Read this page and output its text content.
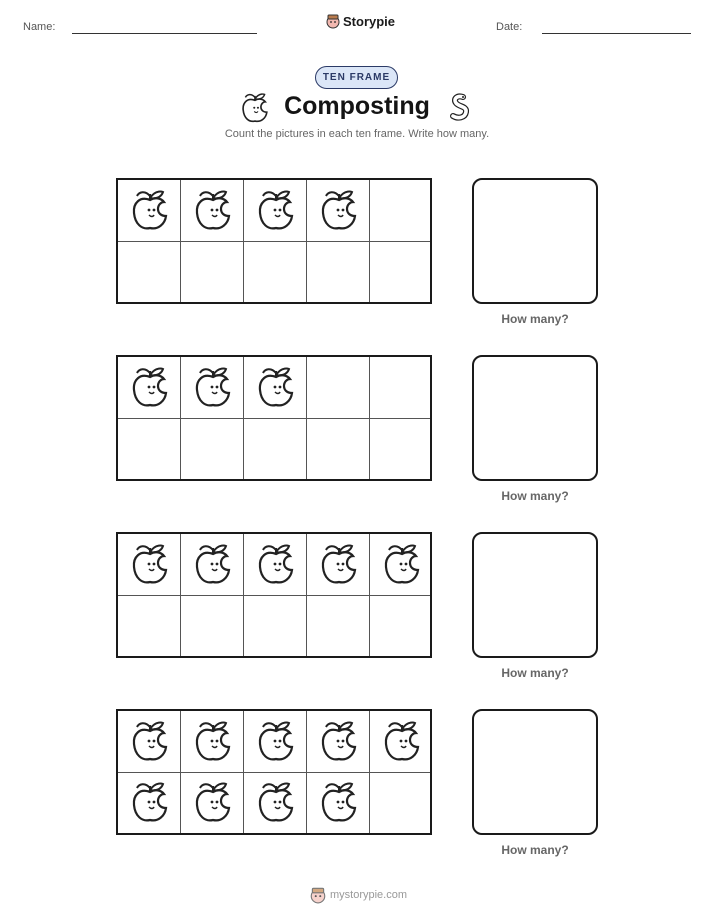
Name:	Storypie	Date:
TEN FRAME
Composting
Count the pictures in each ten frame. Write how many.
How many?
How many?
How many?
How many?
mystorypie.com
